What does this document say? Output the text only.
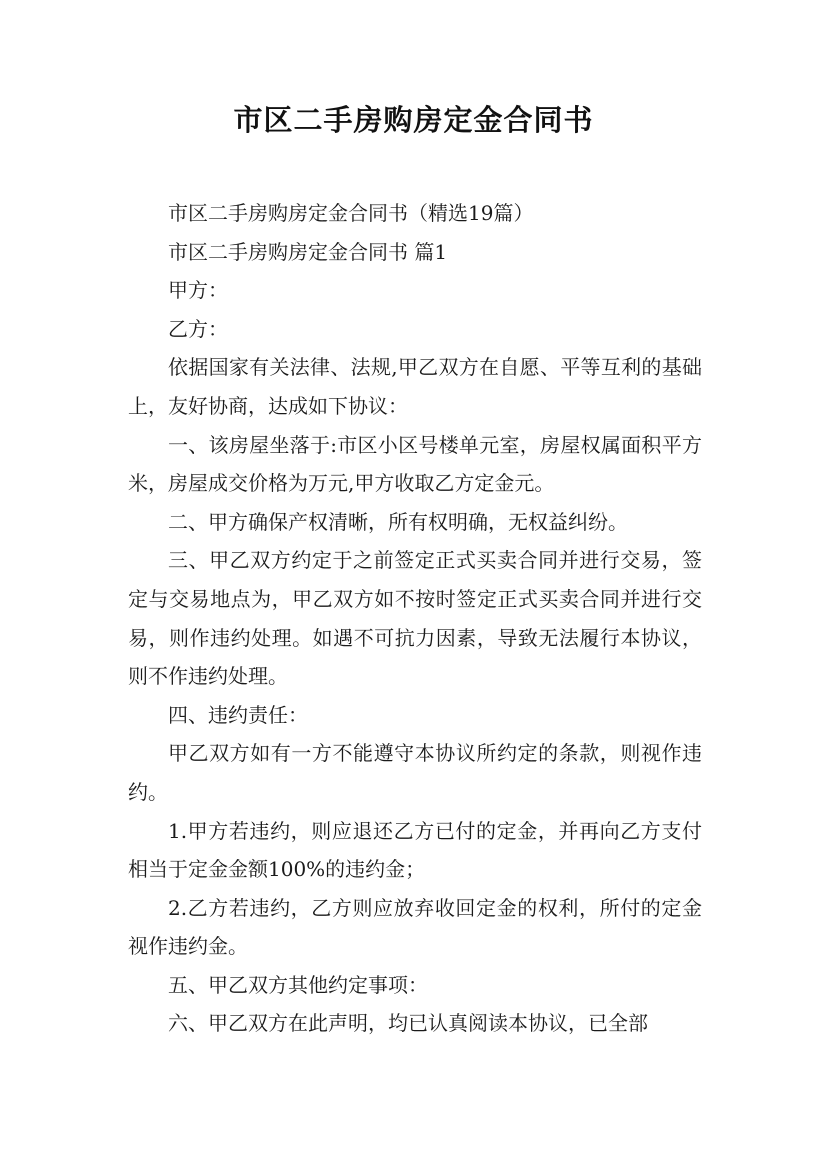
市区二手房购房定金合同书

市区二手房购房定金合同书（精选19篇）

市区二手房购房定金合同书 篇1

甲方：

乙方：

依据国家有关法律、法规,甲乙双方在自愿、平等互利的基础上，友好协商，达成如下协议：

一、该房屋坐落于:市区小区号楼单元室，房屋权属面积平方米，房屋成交价格为万元,甲方收取乙方定金元。

二、甲方确保产权清晰，所有权明确，无权益纠纷。

三、甲乙双方约定于之前签定正式买卖合同并进行交易，签定与交易地点为，甲乙双方如不按时签定正式买卖合同并进行交易，则作违约处理。如遇不可抗力因素，导致无法履行本协议，则不作违约处理。

四、违约责任：

甲乙双方如有一方不能遵守本协议所约定的条款，则视作违约。

1.甲方若违约，则应退还乙方已付的定金，并再向乙方支付相当于定金金额100%的违约金；

2.乙方若违约，乙方则应放弃收回定金的权利，所付的定金视作违约金。

五、甲乙双方其他约定事项：

六、甲乙双方在此声明，均已认真阅读本协议，已全部
